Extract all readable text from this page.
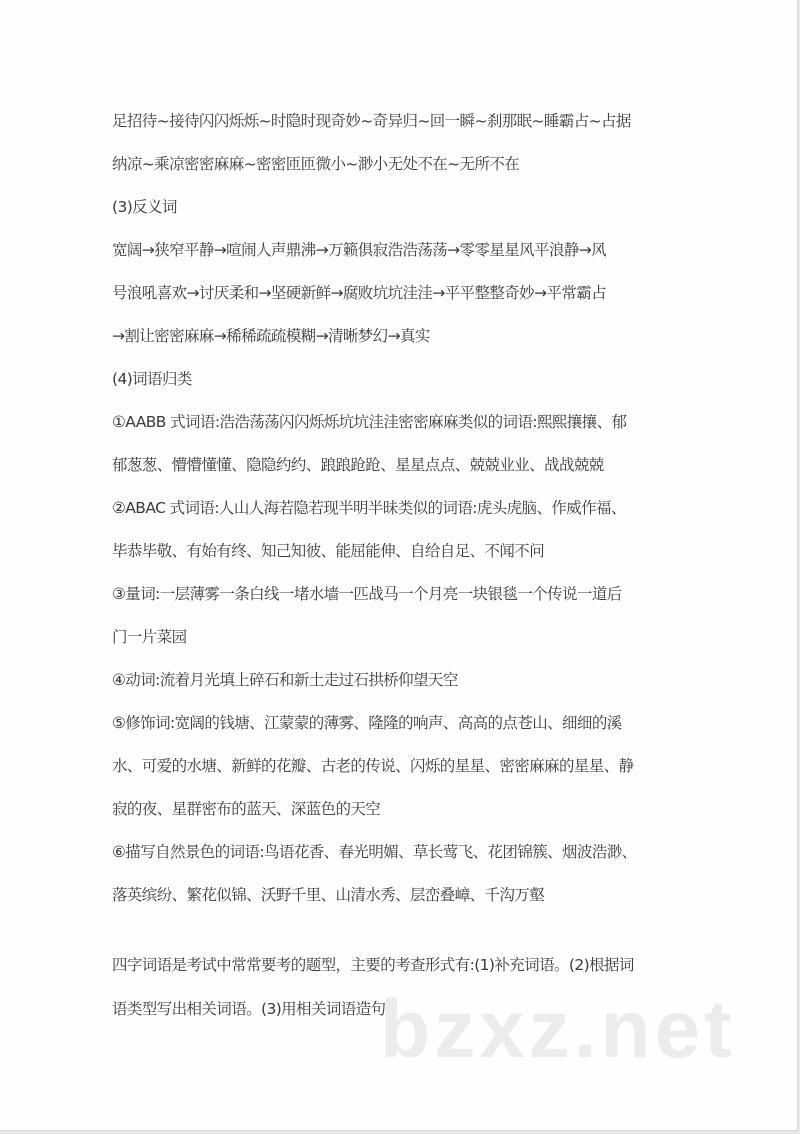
足招待~接待闪闪烁烁~时隐时现奇妙~奇异归~回一瞬~刹那眠~睡霸占~占据
纳凉~乘凉密密麻麻~密密匝匝微小~渺小无处不在~无所不在
(3)反义词
宽阔→狭窄平静→喧闹人声鼎沸→万籁俱寂浩浩荡荡→零零星星风平浪静→风
号浪吼喜欢→讨厌柔和→坚硬新鲜→腐败坑坑洼洼→平平整整奇妙→平常霸占
→割让密密麻麻→稀稀疏疏模糊→清晰梦幻→真实
(4)词语归类
①AABB 式词语:浩浩荡荡闪闪烁烁坑坑洼洼密密麻麻类似的词语:熙熙攘攘、郁
郁葱葱、懵懵懂懂、隐隐约约、踉踉跄跄、星星点点、兢兢业业、战战兢兢
②ABAC 式词语:人山人海若隐若现半明半昧类似的词语:虎头虎脑、作威作福、
毕恭毕敬、有始有终、知己知彼、能屈能伸、自给自足、不闻不问
③量词:一层薄雾一条白线一堵水墙一匹战马一个月亮一块银毯一个传说一道后
门一片菜园
④动词:流着月光填上碎石和新土走过石拱桥仰望天空
⑤修饰词:宽阔的钱塘、江蒙蒙的薄雾、隆隆的响声、高高的点苍山、细细的溪
水、可爱的水塘、新鲜的花瓣、古老的传说、闪烁的星星、密密麻麻的星星、静
寂的夜、星群密布的蓝天、深蓝色的天空
⑥描写自然景色的词语:鸟语花香、春光明媚、草长莺飞、花团锦簇、烟波浩渺、
落英缤纷、繁花似锦、沃野千里、山清水秀、层峦叠嶂、千沟万壑
四字词语是考试中常常要考的题型，主要的考查形式有:(1)补充词语。(2)根据词
语类型写出相关词语。(3)用相关词语造句。
bzxz.net
